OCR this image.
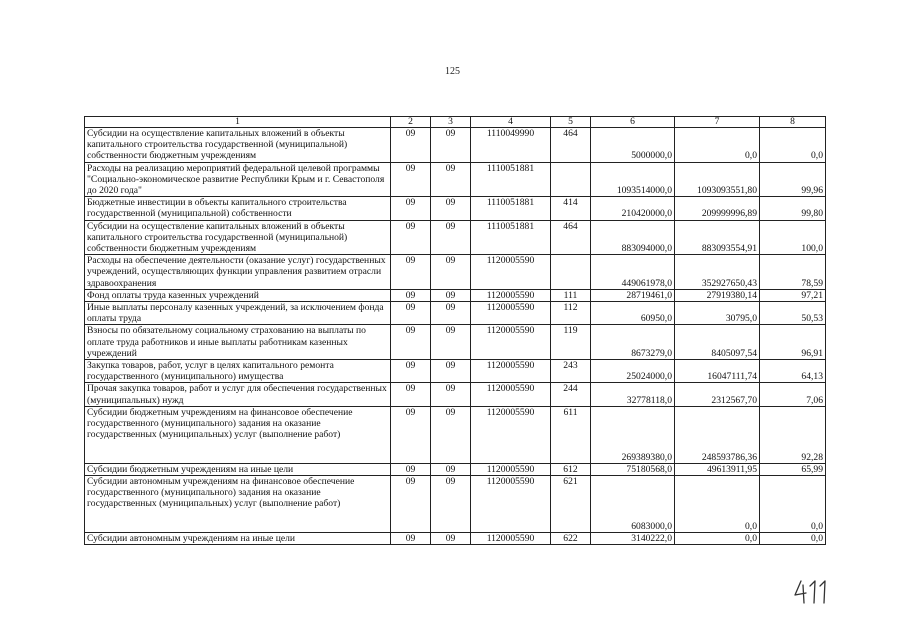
125
1	2	3	4	5	6	7	8
Субсидии на осуществление капитальных вложений в объекты капитального строительства государственной (муниципальной) собственности бюджетным учреждениям	09	09	1110049990	464	5000000,0	0,0	0,0
Расходы на реализацию мероприятий федеральной целевой программы "Социально-экономическое развитие Республики Крым и г. Севастополя до 2020 года"	09	09	1110051881		1093514000,0	1093093551,80	99,96
Бюджетные инвестиции в объекты капитального строительства государственной (муниципальной) собственности	09	09	1110051881	414	210420000,0	209999996,89	99,80
Субсидии на осуществление капитальных вложений в объекты капитального строительства государственной (муниципальной) собственности бюджетным учреждениям	09	09	1110051881	464	883094000,0	883093554,91	100,0
Расходы на обеспечение деятельности (оказание услуг) государственных учреждений, осуществляющих функции управления развитием отрасли здравоохранения	09	09	1120005590		449061978,0	352927650,43	78,59
Фонд оплаты труда казенных учреждений	09	09	1120005590	111	28719461,0	27919380,14	97,21
Иные выплаты персоналу казенных учреждений, за исключением фонда оплаты труда	09	09	1120005590	112	60950,0	30795,0	50,53
Взносы по обязательному социальному страхованию на выплаты по оплате труда работников и иные выплаты работникам казенных учреждений	09	09	1120005590	119	8673279,0	8405097,54	96,91
Закупка товаров, работ, услуг в целях капитального ремонта государственного (муниципального) имущества	09	09	1120005590	243	25024000,0	16047111,74	64,13
Прочая закупка товаров, работ и услуг для обеспечения государственных (муниципальных) нужд	09	09	1120005590	244	32778118,0	2312567,70	7,06
Субсидии бюджетным учреждениям на финансовое обеспечение государственного (муниципального) задания на оказание государственных (муниципальных) услуг (выполнение работ)	09	09	1120005590	611	269389380,0	248593786,36	92,28
Субсидии бюджетным учреждениям на иные цели	09	09	1120005590	612	75180568,0	49613911,95	65,99
Субсидии автономным учреждениям на финансовое обеспечение государственного (муниципального) задания на оказание государственных (муниципальных) услуг (выполнение работ)	09	09	1120005590	621	6083000,0	0,0	0,0
Субсидии автономным учреждениям на иные цели	09	09	1120005590	622	3140222,0	0,0	0,0
